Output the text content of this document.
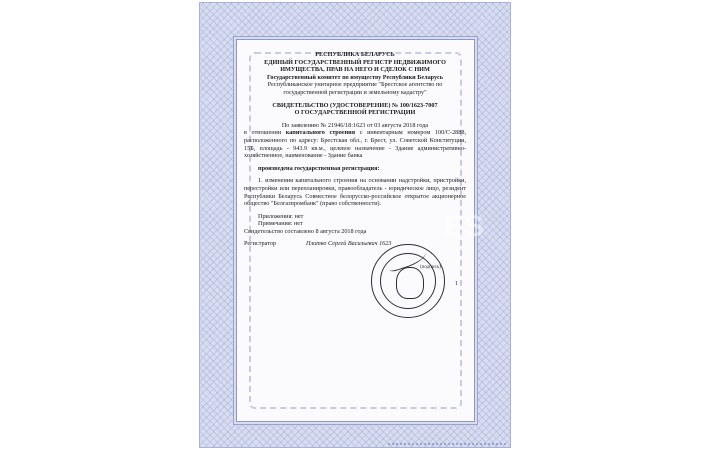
РЕСПУБЛИКА БЕЛАРУСЬ

ЕДИНЫЙ ГОСУДАРСТВЕННЫЙ РЕГИСТР НЕДВИЖИМОГО

ИМУЩЕСТВА, ПРАВ НА НЕГО И СДЕЛОК С НИМ

Государственный комитет по имуществу Республики Беларусь

Республиканское унитарное предприятие "Брестское агентство по

государственной регистрации и земельному кадастру"

СВИДЕТЕЛЬСТВО (УДОСТОВЕРЕНИЕ) № 100/1623-7007

О ГОСУДАРСТВЕННОЙ РЕГИСТРАЦИИ

По заявлению № 21946/18:1623 от 03 августа 2018 года

в отношении капитального строения с инвентарным номером 100/С-2888, расположенного по адресу: Брестская обл., г. Брест, ул. Советской Конституции, 15Б, площадь - 943.9 кв.м., целевое назначение - Здание административно-хозяйственное, наименование - Здание банка

произведена государственная регистрация:

1. изменения капитального строения на основании надстройки, пристройки, перестройки или перепланировки, правообладатель - юридическое лицо, резидент Республики Беларусь Совместное белорусско-российское открытое акционерное общество "Белгазпромбанк" (право собственности).

Приложения: нет

Примечания: нет

Свидетельство составлено 8 августа 2018 года

Регистратор	Плитко Сергей Васильевич 1623
ES
(подпись)
1
